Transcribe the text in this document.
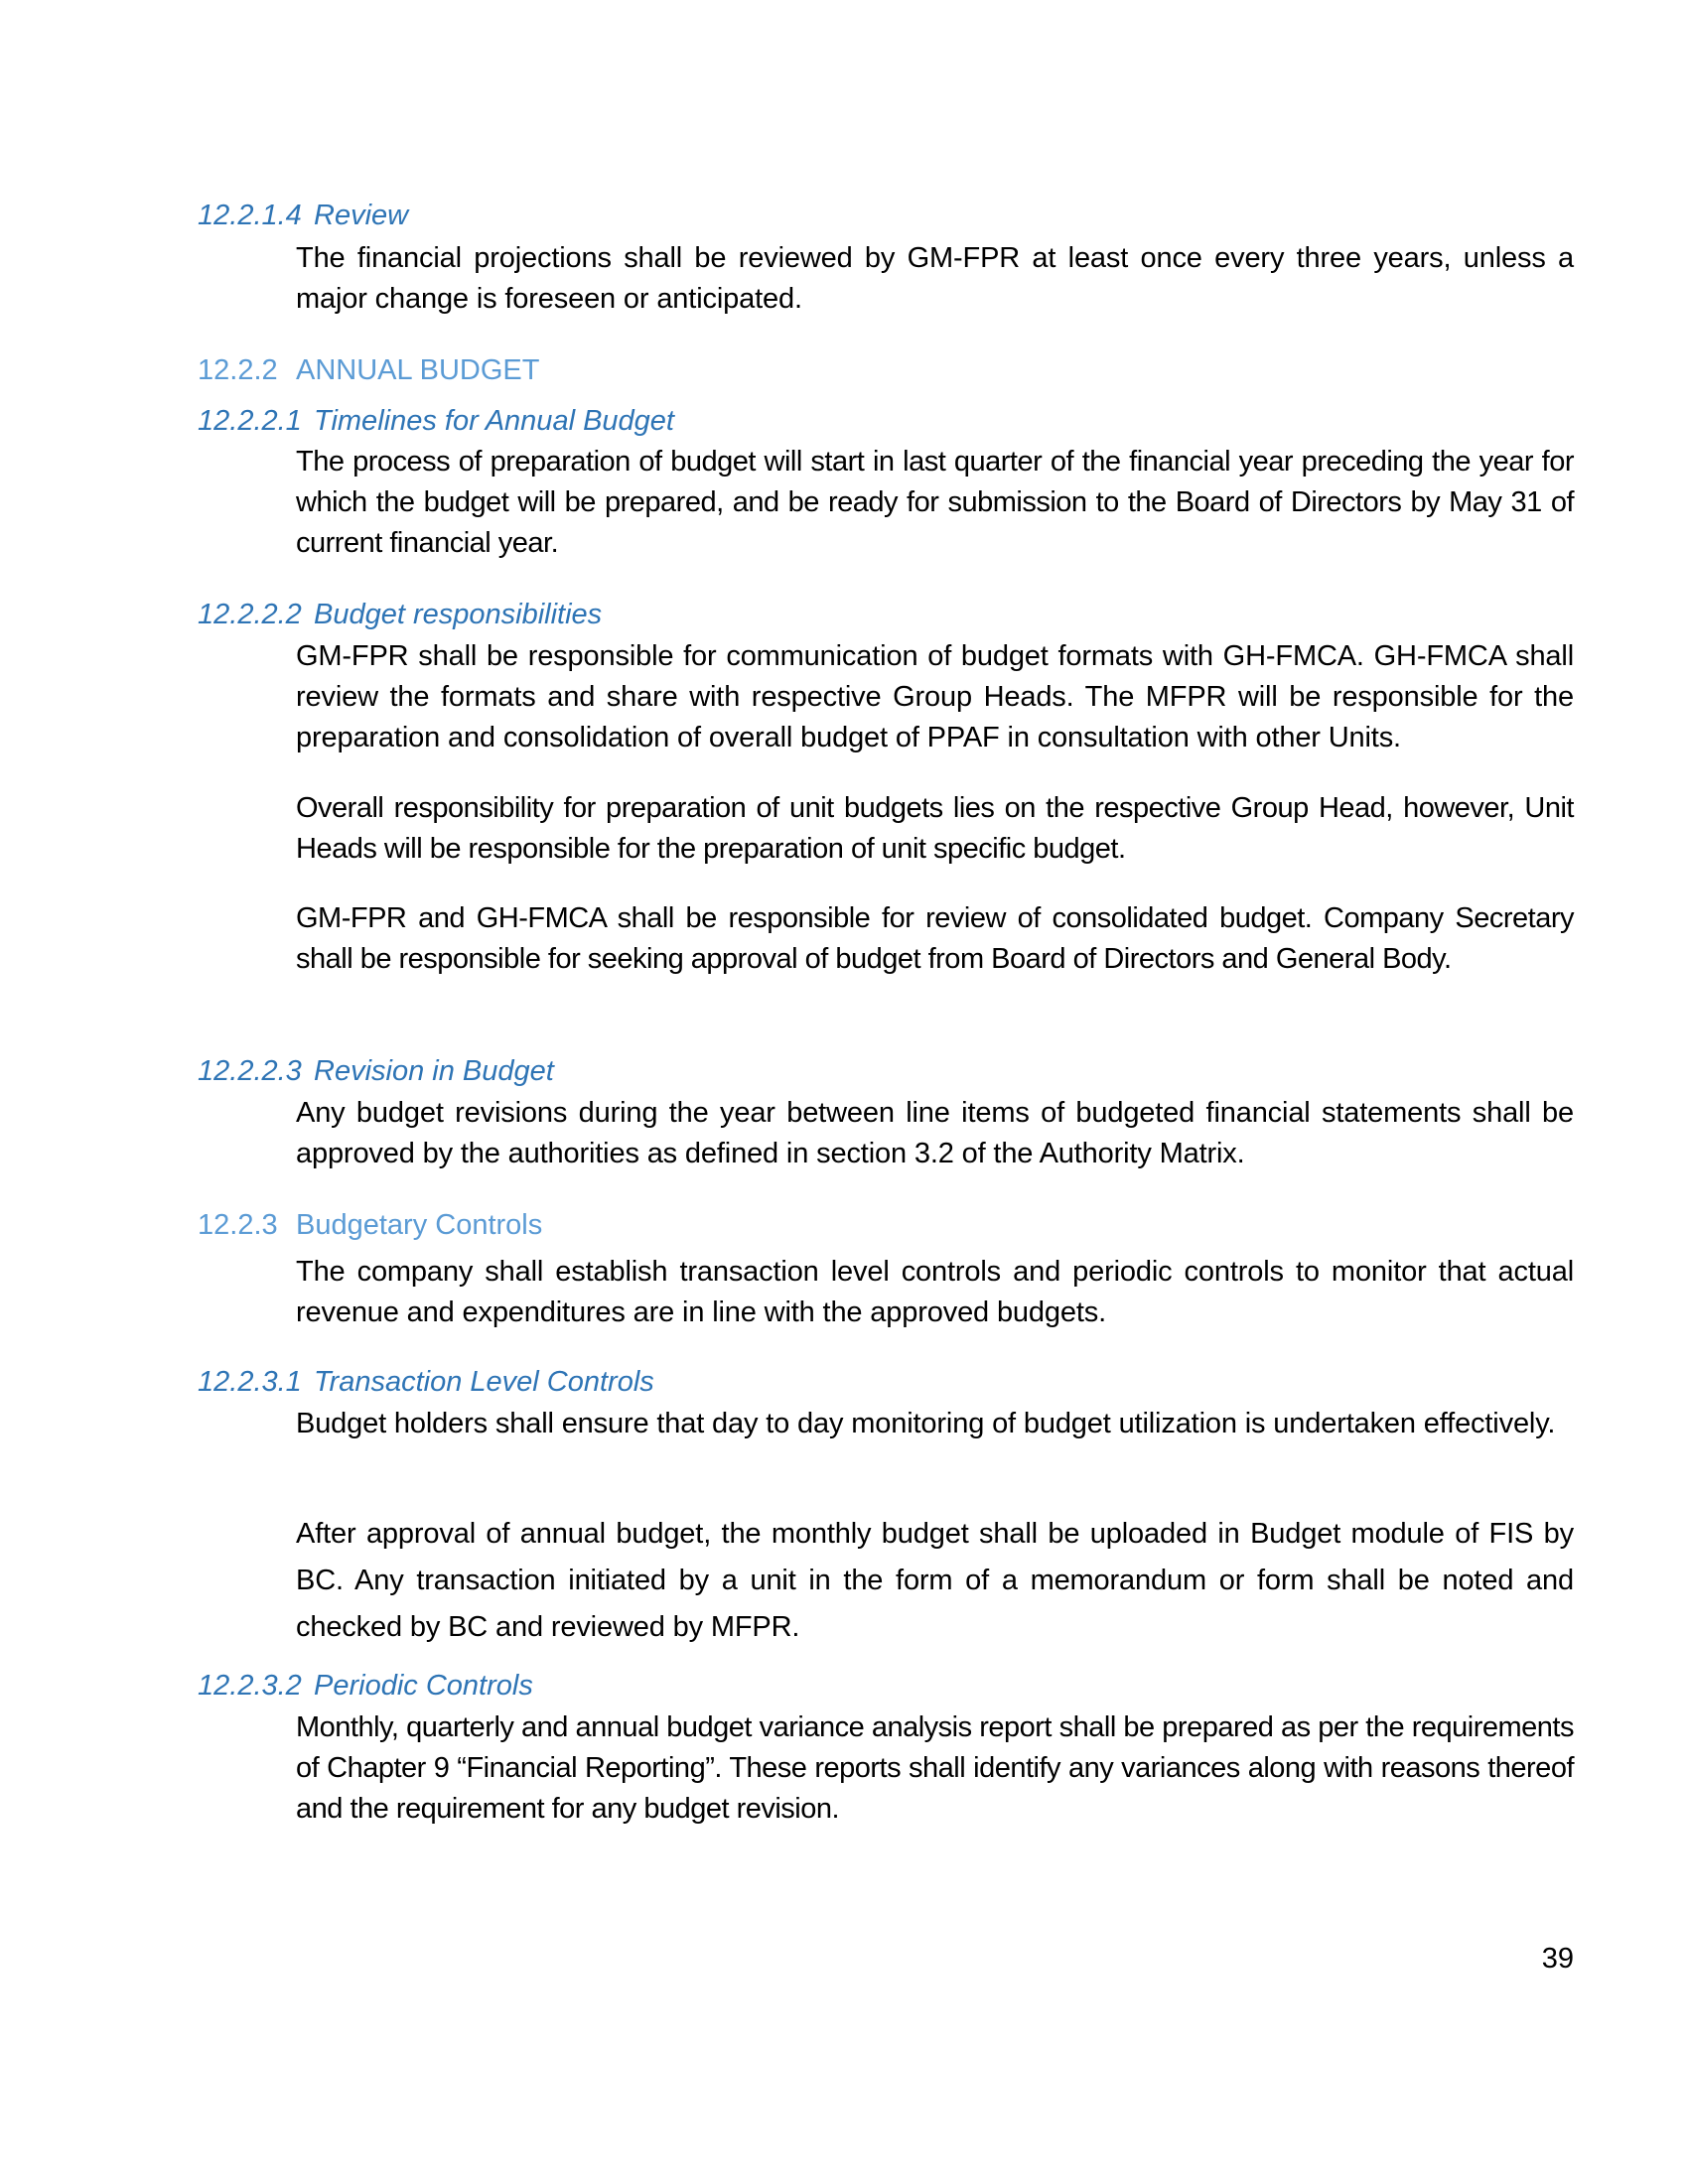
12.2.1.4 Review

The financial projections shall be reviewed by GM-FPR at least once every three years, unless a major change is foreseen or anticipated.

12.2.2 ANNUAL BUDGET
12.2.2.1 Timelines for Annual Budget

The process of preparation of budget will start in last quarter of the financial year preceding the year for which the budget will be prepared, and be ready for submission to the Board of Directors by May 31 of current financial year.

12.2.2.2 Budget responsibilities

GM-FPR shall be responsible for communication of budget formats with GH-FMCA. GH-FMCA shall review the formats and share with respective Group Heads. The MFPR will be responsible for the preparation and consolidation of overall budget of PPAF in consultation with other Units.

Overall responsibility for preparation of unit budgets lies on the respective Group Head, however, Unit Heads will be responsible for the preparation of unit specific budget.

GM-FPR and GH-FMCA shall be responsible for review of consolidated budget. Company Secretary shall be responsible for seeking approval of budget from Board of Directors and General Body.

12.2.2.3 Revision in Budget

Any budget revisions during the year between line items of budgeted financial statements shall be approved by the authorities as defined in section 3.2 of the Authority Matrix.

12.2.3 Budgetary Controls

The company shall establish transaction level controls and periodic controls to monitor that actual revenue and expenditures are in line with the approved budgets.

12.2.3.1 Transaction Level Controls

Budget holders shall ensure that day to day monitoring of budget utilization is undertaken effectively.

After approval of annual budget, the monthly budget shall be uploaded in Budget module of FIS by BC. Any transaction initiated by a unit in the form of a memorandum or form shall be noted and checked by BC and reviewed by MFPR.

12.2.3.2 Periodic Controls

Monthly, quarterly and annual budget variance analysis report shall be prepared as per the requirements of Chapter 9 “Financial Reporting”. These reports shall identify any variances along with reasons thereof and the requirement for any budget revision.

39
